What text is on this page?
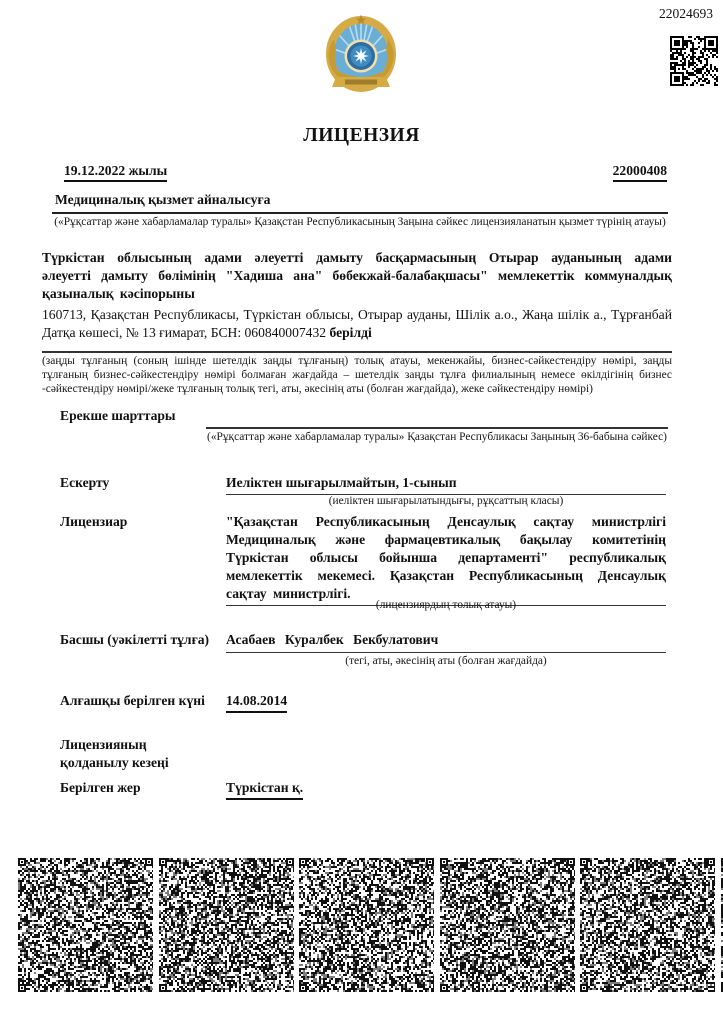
22024693
ЛИЦЕНЗИЯ
19.12.2022 жылы	22000408
Медициналық қызмет айналысуға
(«Рұқсаттар және хабарламалар туралы» Қазақстан Республикасының Заңына сәйкес лицензияланатын қызмет түрінің атауы)
Түркістан облысының адами әлеуетті дамыту басқармасының Отырар ауданының адами әлеуетті дамыту бөлімінің "Хадиша ана" бөбекжай-балабақшасы" мемлекеттік коммуналдық қазыналық кәсіпорыны
160713, Қазақстан Республикасы, Түркістан облысы, Отырар ауданы, Шілік а.о., Жаңа шілік а., Тұрғанбай Датқа көшесі, № 13 ғимарат, БСН: 060840007432 берілді
(заңды тұлғаның (соның ішінде шетелдік заңды тұлғаның) толық атауы, мекенжайы, бизнес-сәйкестендіру нөмірі, заңды тұлғаның бизнес-сәйкестендіру нөмірі болмаған жағдайда – шетелдік заңды тұлға филиалының немесе өкілдігінің бизнес -сәйкестендіру нөмірі/жеке тұлғаның толық тегі, аты, әкесінің аты (болған жағдайда), жеке сәйкестендіру нөмірі)
Ерекше шарттары
(«Рұқсаттар және хабарламалар туралы» Қазақстан Республикасы Заңының 36-бабына сәйкес)
Ескерту	Иеліктен шығарылмайтын, 1-сынып
(иеліктен шығарылатындығы, рұқсаттың класы)
Лицензиар	"Қазақстан Республикасының Денсаулық сақтау министрлігі Медициналық және фармацевтикалық бақылау комитетінің Түркістан облысы бойынша департаменті" республикалық мемлекеттік мекемесі. Қазақстан Республикасының Денсаулық сақтау министрлігі.
(лицензиярдың толық атауы)
Басшы (уәкілетті тұлға) Асабаев Куралбек Бекбулатович
(тегі, аты, әкесінің аты (болған жағдайда)
Алғашқы берілген күні 14.08.2014
Лицензияның қолданылу кезеңі
Берілген жер	Түркістан қ.
